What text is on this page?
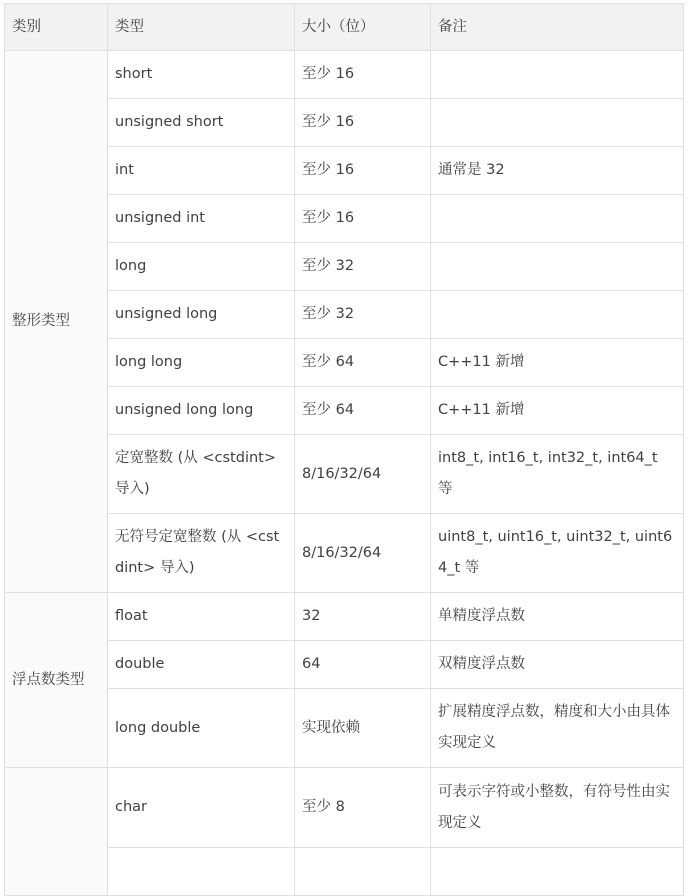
类别	类型	大小（位）	备注
整形类型	short	至少 16	
	unsigned short	至少 16	
	int	至少 16	通常是 32
	unsigned int	至少 16	
	long	至少 32	
	unsigned long	至少 32	
	long long	至少 64	C++11 新增
	unsigned long long	至少 64	C++11 新增
	定宽整数 (从 <cstdint> 导入)	8/16/32/64	int8_t, int16_t, int32_t, int64_t 等
	无符号定宽整数 (从 <cstdint> 导入)	8/16/32/64	uint8_t, uint16_t, uint32_t, uint64_t 等
浮点数类型	float	32	单精度浮点数
	double	64	双精度浮点数
	long double	实现依赖	扩展精度浮点数，精度和大小由具体实现定义
	char	至少 8	可表示字符或小整数，有符号性由实现定义
